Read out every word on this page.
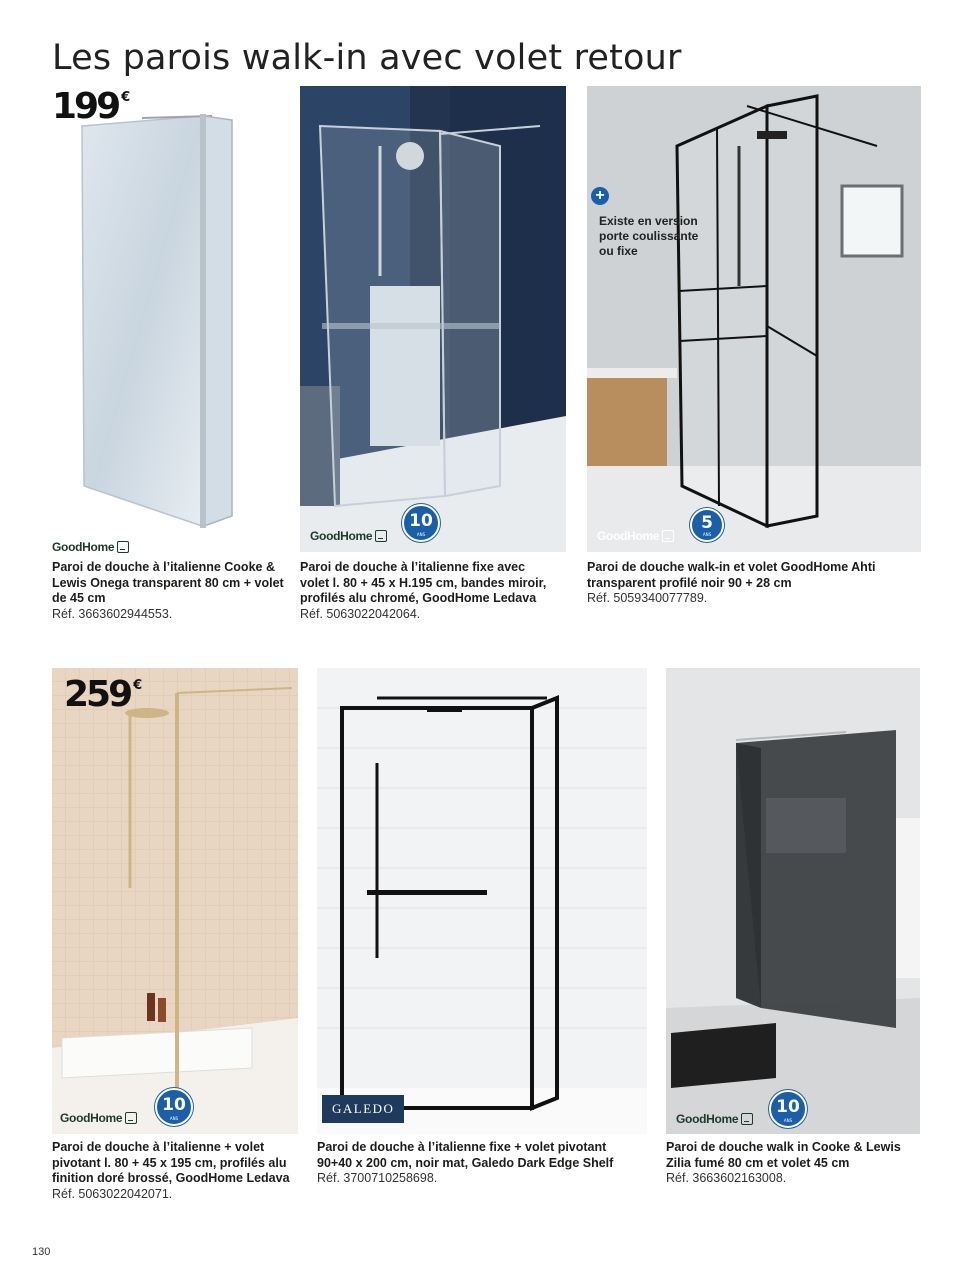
Les parois walk-in avec volet retour
199 €
GoodHome
Paroi de douche à l’italienne Cooke & Lewis Onega transparent 80 cm + volet de 45 cm
Réf. 3663602944553.
GoodHome
10
ANS
Paroi de douche à l’italienne fixe avec volet l. 80 + 45 x H.195 cm, bandes miroir, profilés alu chromé, GoodHome Ledava
Réf. 5063022042064.
+
Existe en version porte coulissante ou fixe
GoodHome
5
ANS
Paroi de douche walk-in et volet GoodHome Ahti transparent profilé noir 90 + 28 cm
Réf. 5059340077789.
259 €
GoodHome
10
ANS
Paroi de douche à l’italienne + volet pivotant l. 80 + 45 x 195 cm, profilés alu finition doré brossé, GoodHome Ledava
Réf. 5063022042071.
GALEDO
Paroi de douche à l’italienne fixe + volet pivotant 90+40 x 200 cm, noir mat, Galedo Dark Edge Shelf
Réf. 3700710258698.
GoodHome
10
ANS
Paroi de douche walk in Cooke & Lewis Zilia fumé 80 cm et volet 45 cm
Réf. 3663602163008.
130
